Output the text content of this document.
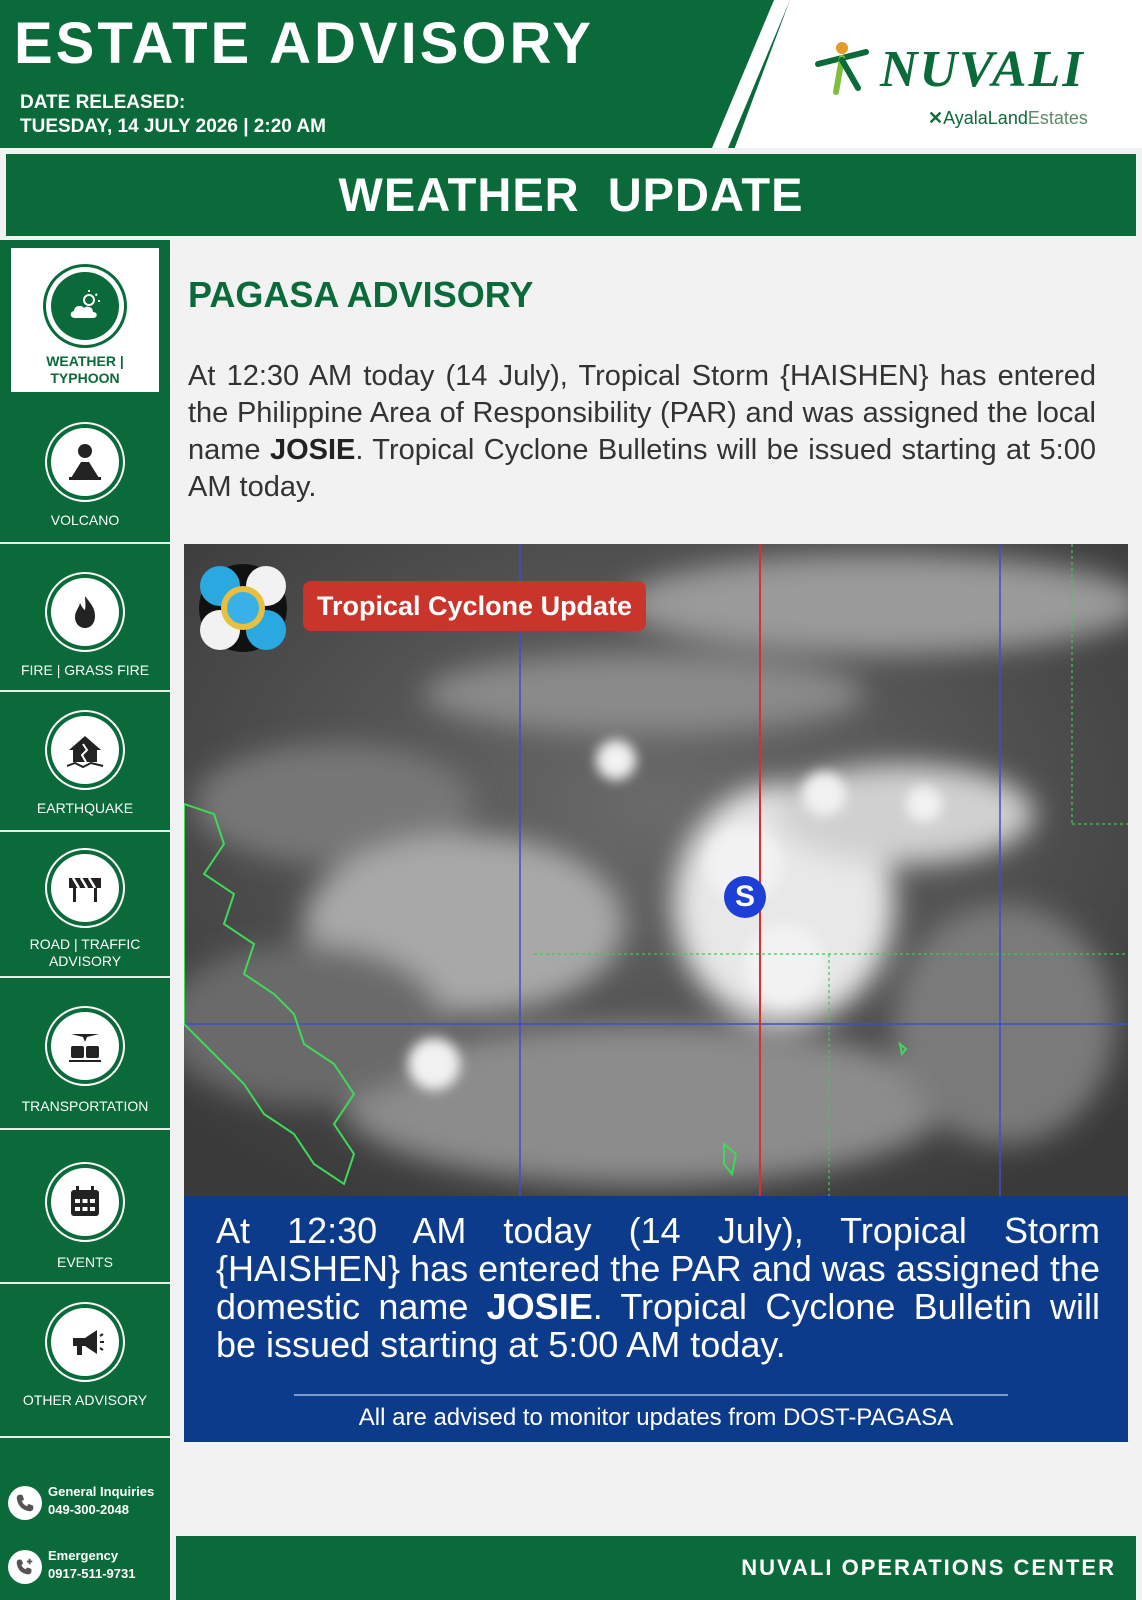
ESTATE ADVISORY
DATE RELEASED:
TUESDAY, 14 JULY 2026 | 2:20 AM
NUVALI
✕AyalaLandEstates
WEATHER  UPDATE
VOLCANO
FIRE | GRASS FIRE
EARTHQUAKE
ROAD | TRAFFIC ADVISORY
TRANSPORTATION
EVENTS
OTHER ADVISORY
General Inquiries
049-300-2048
Emergency
0917-511-9731
WEATHER | TYPHOON
PAGASA ADVISORY
At 12:30 AM today (14 July), Tropical Storm {HAISHEN} has entered the Philippine Area of Responsibility (PAR) and was assigned the local name JOSIE. Tropical Cyclone Bulletins will be issued starting at 5:00 AM today.
Tropical Cyclone Update
S
At 12:30 AM today (14 July), Tropical Storm {HAISHEN} has entered the PAR and was assigned the domestic name JOSIE. Tropical Cyclone Bulletin will be issued starting at 5:00 AM today.
All are advised to monitor updates from DOST-PAGASA
NUVALI OPERATIONS CENTER
